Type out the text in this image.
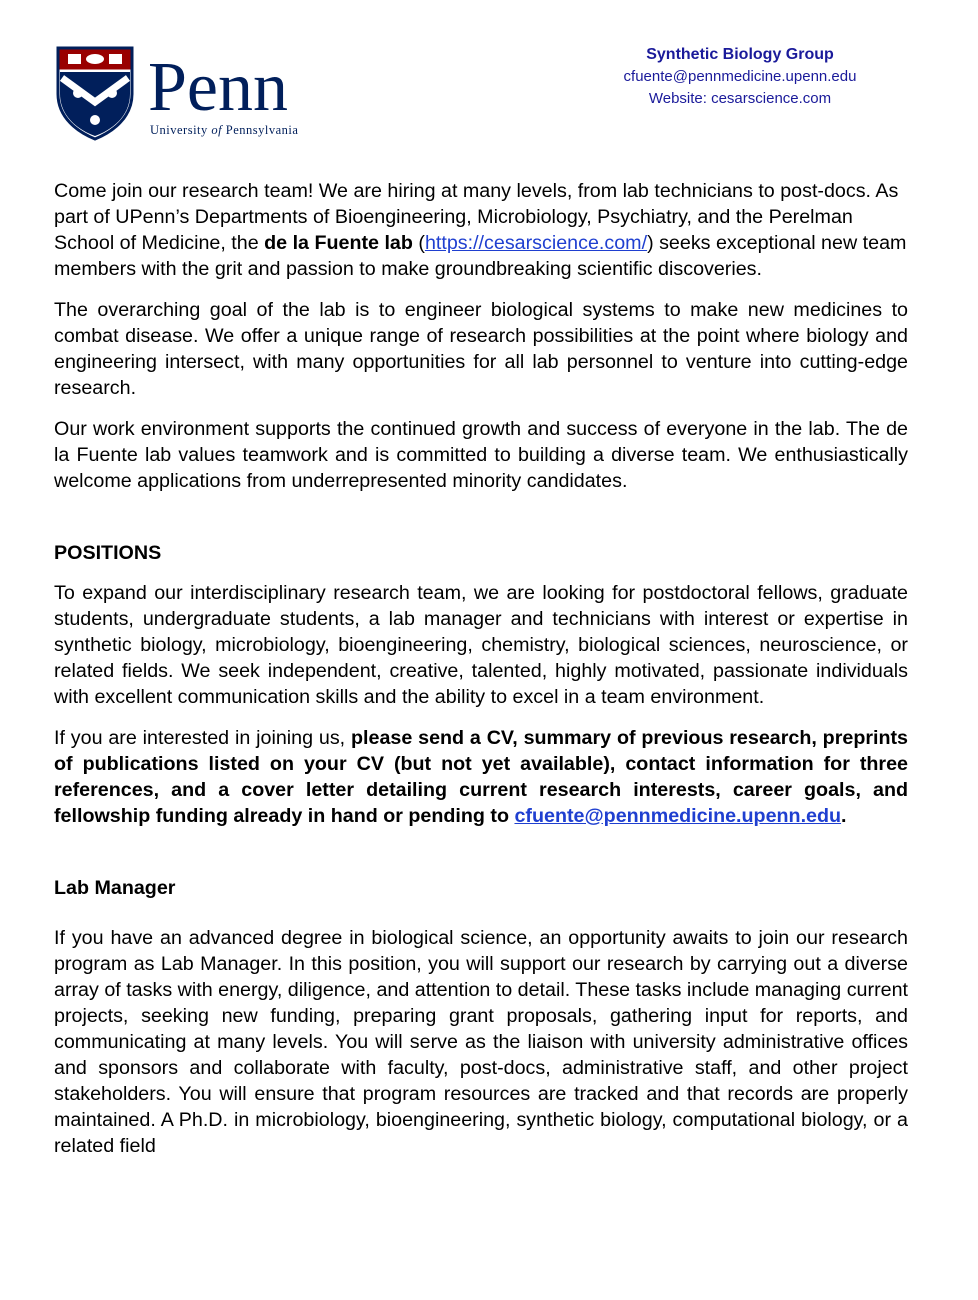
Penn
University of Pennsylvania
Synthetic Biology Group
cfuente@pennmedicine.upenn.edu
Website: cesarscience.com

Come join our research team! We are hiring at many levels, from lab technicians to post-docs. As part of UPenn’s Departments of Bioengineering, Microbiology, Psychiatry, and the Perelman School of Medicine, the de la Fuente lab (https://cesarscience.com/) seeks exceptional new team members with the grit and passion to make groundbreaking scientific discoveries.

The overarching goal of the lab is to engineer biological systems to make new medicines to combat disease. We offer a unique range of research possibilities at the point where biology and engineering intersect, with many opportunities for all lab personnel to venture into cutting-edge research.

Our work environment supports the continued growth and success of everyone in the lab. The de la Fuente lab values teamwork and is committed to building a diverse team. We enthusiastically welcome applications from underrepresented minority candidates.

POSITIONS

To expand our interdisciplinary research team, we are looking for postdoctoral fellows, graduate students, undergraduate students, a lab manager and technicians with interest or expertise in synthetic biology, microbiology, bioengineering, chemistry, biological sciences, neuroscience, or related fields. We seek independent, creative, talented, highly motivated, passionate individuals with excellent communication skills and the ability to excel in a team environment.

If you are interested in joining us, please send a CV, summary of previous research, preprints of publications listed on your CV (but not yet available), contact information for three references, and a cover letter detailing current research interests, career goals, and fellowship funding already in hand or pending to cfuente@pennmedicine.upenn.edu.

Lab Manager

If you have an advanced degree in biological science, an opportunity awaits to join our research program as Lab Manager. In this position, you will support our research by carrying out a diverse array of tasks with energy, diligence, and attention to detail. These tasks include managing current projects, seeking new funding, preparing grant proposals, gathering input for reports, and communicating at many levels. You will serve as the liaison with university administrative offices and sponsors and collaborate with faculty, post-docs, administrative staff, and other project stakeholders. You will ensure that program resources are tracked and that records are properly maintained. A Ph.D. in microbiology, bioengineering, synthetic biology, computational biology, or a related field
